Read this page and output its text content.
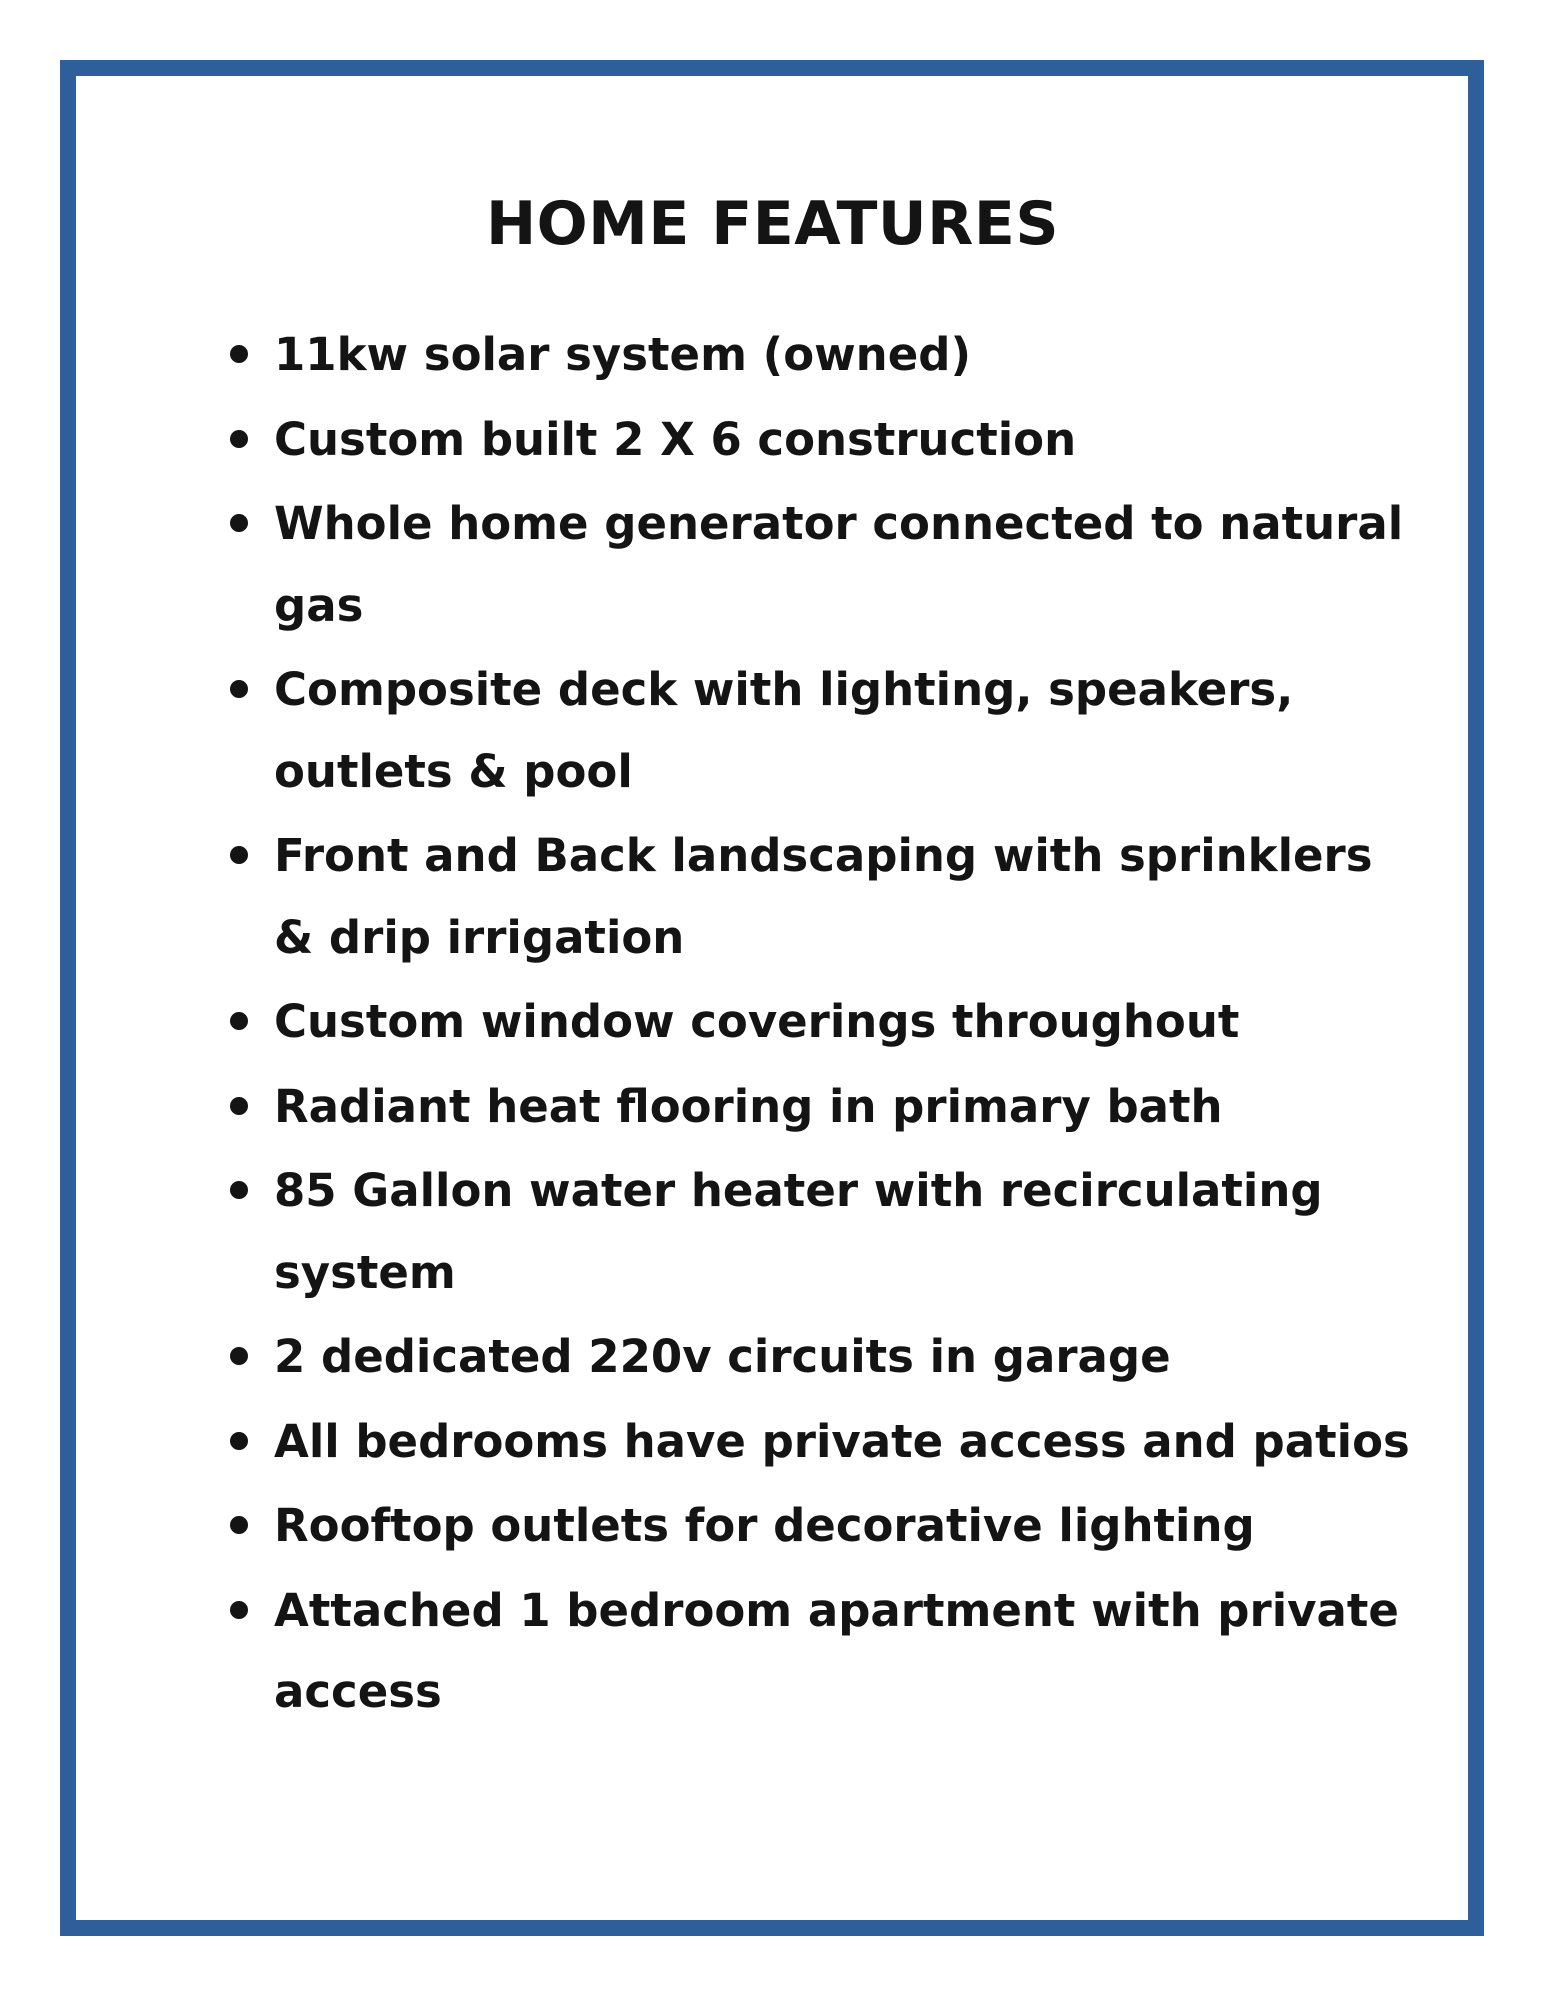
HOME FEATURES
11kw solar system (owned)
Custom built 2 X 6 construction
Whole home generator connected to natural gas
Composite deck with lighting, speakers, outlets & pool
Front and Back landscaping with sprinklers & drip irrigation
Custom window coverings throughout
Radiant heat flooring in primary bath
85 Gallon water heater with recirculating system
2 dedicated 220v circuits in garage
All bedrooms have private access and patios
Rooftop outlets for decorative lighting
Attached 1 bedroom apartment with private access
